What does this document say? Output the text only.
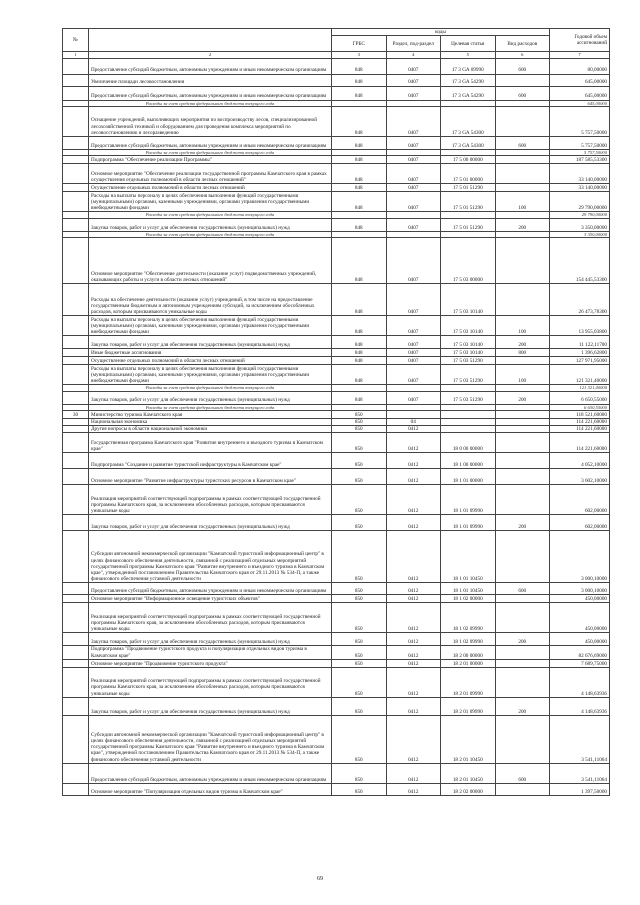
№		коды				Годовой объем ассигнований
		ГРБС	Раздел, под-раздел	Целевая статья	Вид расходов	
1	2	3	4	5	6	7
	Предоставление субсидий бюджетным, автономным учреждениям и иным некоммерческим организациям	848	0407	17 3 GA 09990	600	80,00000
	Увеличение площади лесовосстановления	848	0407	17 3 GA 54290		645,00000
	Предоставление субсидий бюджетным, автономным учреждениям и иным некоммерческим организациям	848	0407	17 3 GA 54290	600	645,00000
	Расходы за счет средств федерального бюджета текущего года					645,00000
	Оснащение учреждений, выполняющих мероприятия по воспроизводству лесов, специализированной лесохозяйственной техникой и оборудованием для проведения комплекса мероприятий по лесовосстановлению и лесоразведению	848	0407	17 3 GA 54300		5 757,50000
	Предоставление субсидий бюджетным, автономным учреждениям и иным некоммерческим организациям	848	0407	17 3 GA 54300	600	5 757,50000
	Расходы за счет средств федерального бюджета текущего года					5 757,50000
	Подпрограмма "Обеспечение реализации Программы"	848	0407	17 5 00 00000		187 585,53300
	Основное мероприятие "Обеспечение реализации государственной программы Камчатского края в рамках осуществления отдельных полномочий в области лесных отношений"	848	0407	17 5 01 00000		33 140,00000
	Осуществление отдельных полномочий в области лесных отношений	848	0407	17 5 01 51290		33 140,00000
	Расходы на выплаты персоналу в целях обеспечения выполнения функций государственными (муниципальными) органами, казенными учреждениями, органами управления государственными внебюджетными фондами	848	0407	17 5 01 51290	100	29 790,00000
	Расходы за счет средств федерального бюджета текущего года					29 790,00000
	Закупка товаров, работ и услуг для обеспечения государственных (муниципальных) нужд	848	0407	17 5 01 51290	200	3 350,00000
	Расходы за счет средств федерального бюджета текущего года					3 350,00000
	Основное мероприятие "Обеспечение деятельности (оказание услуг) подведомственных учреждений, оказывающих работы и услуги в области лесных отношений"	848	0407	17 5 03 00000		154 445,53300
	Расходы на обеспечение деятельности (оказание услуг) учреждений, в том числе на предоставление государственным бюджетным и автономным учреждениям субсидий, за исключением обособленных расходов, которым присваиваются уникальные коды	848	0407	17 5 03 10140		26 473,78300
	Расходы на выплаты персоналу в целях обеспечения выполнения функций государственными (муниципальными) органами, казенными учреждениями, органами управления государственными внебюджетными фондами	848	0407	17 5 03 10140	100	13 955,03800
	Закупка товаров, работ и услуг для обеспечения государственных (муниципальных) нужд	848	0407	17 5 03 10140	200	11 122,11700
	Иные бюджетные ассигнования	848	0407	17 5 03 10140	800	1 396,62800
	Осуществление отдельных полномочий в области лесных отношений	848	0407	17 5 03 51290		127 971,95000
	Расходы на выплаты персоналу в целях обеспечения выполнения функций государственными (муниципальными) органами, казенными учреждениями, органами управления государственными внебюджетными фондами	848	0407	17 5 03 51290	100	121 321,40000
	Расходы за счет средств федерального бюджета текущего года					121 321,40000
	Закупка товаров, работ и услуг для обеспечения государственных (муниципальных) нужд	848	0407	17 5 03 51290	200	6 650,55000
	Расходы за счет средств федерального бюджета текущего года					6 650,55000
30	Министерство туризма Камчатского края	850				118 521,60000
	Национальная экономика	850	04			114 221,60000
	Другие вопросы в области национальной экономики	850	0412			114 221,60000
	Государственная программа Камчатского края "Развитие внутреннего и въездного туризма в Камчатском крае"	850	0412	18 0 00 00000		114 221,60000
	Подпрограмма "Создание и развитие туристской инфраструктуры в Камчатском крае"	850	0412	18 1 00 00000		4 052,10000
	Основное мероприятие "Развитие инфраструктуры туристских ресурсов в Камчатском крае"	850	0412	18 1 01 00000		3 602,10000
	Реализация мероприятий соответствующей подпрограммы в рамках соответствующей государственной программы Камчатского края, за исключением обособленных расходов, которым присваиваются уникальные коды	850	0412	18 1 01 09990		602,00000
	Закупка товаров, работ и услуг для обеспечения государственных (муниципальных) нужд	850	0412	18 1 01 09990	200	602,00000
	Субсидии автономной некоммерческой организации "Камчатский туристский информационный центр" в целях финансового обеспечения деятельности, связанной с реализацией отдельных мероприятий государственной программы Камчатского края "Развитие внутреннего и въездного туризма в Камчатском крае", утвержденной постановлением Правительства Камчатского края от 29.11.2013 № 534-П, а также финансового обеспечения уставной деятельности	850	0412	18 1 01 10450		3 000,10000
	Предоставление субсидий бюджетным, автономным учреждениям и иным некоммерческим организациям	850	0412	18 1 01 10450	600	3 000,10000
	Основное мероприятие "Информационное освещение туристских объектов"	850	0412	18 1 02 00000		450,00000
	Реализация мероприятий соответствующей подпрограммы в рамках соответствующей государственной программы Камчатского края, за исключением обособленных расходов, которым присваиваются уникальные коды	850	0412	18 1 02 09990		450,00000
	Закупка товаров, работ и услуг для обеспечения государственных (муниципальных) нужд	850	0412	18 1 02 09990	200	450,00000
	Подпрограмма "Продвижение туристского продукта и популяризация отдельных видов туризма в Камчатском крае"	850	0412	18 2 00 00000		82 676,69000
	Основное мероприятие "Продвижение туристского продукта"	850	0412	18 2 01 00000		7 689,75000
	Реализация мероприятий соответствующей подпрограммы в рамках соответствующей государственной программы Камчатского края, за исключением обособленных расходов, которым присваиваются уникальные коды	850	0412	18 2 01 09990		4 148,63936
	Закупка товаров, работ и услуг для обеспечения государственных (муниципальных) нужд	850	0412	18 2 01 09990	200	4 148,63936
	Субсидии автономной некоммерческой организации "Камчатский туристский информационный центр" в целях финансового обеспечения деятельности, связанной с реализацией отдельных мероприятий государственной программы Камчатского края "Развитие внутреннего и въездного туризма в Камчатском крае", утвержденной постановлением Правительства Камчатского края от 29.11.2013 № 534-П, а также финансового обеспечения уставной деятельности	850	0412	18 2 01 10450		3 541,11064
	Предоставление субсидий бюджетным, автономным учреждениям и иным некоммерческим организациям	850	0412	18 2 01 10450	600	3 541,11064
	Основное мероприятие "Популяризация отдельных видов туризма в Камчатском крае"	850	0412	18 2 02 00000		1 397,50000
69
